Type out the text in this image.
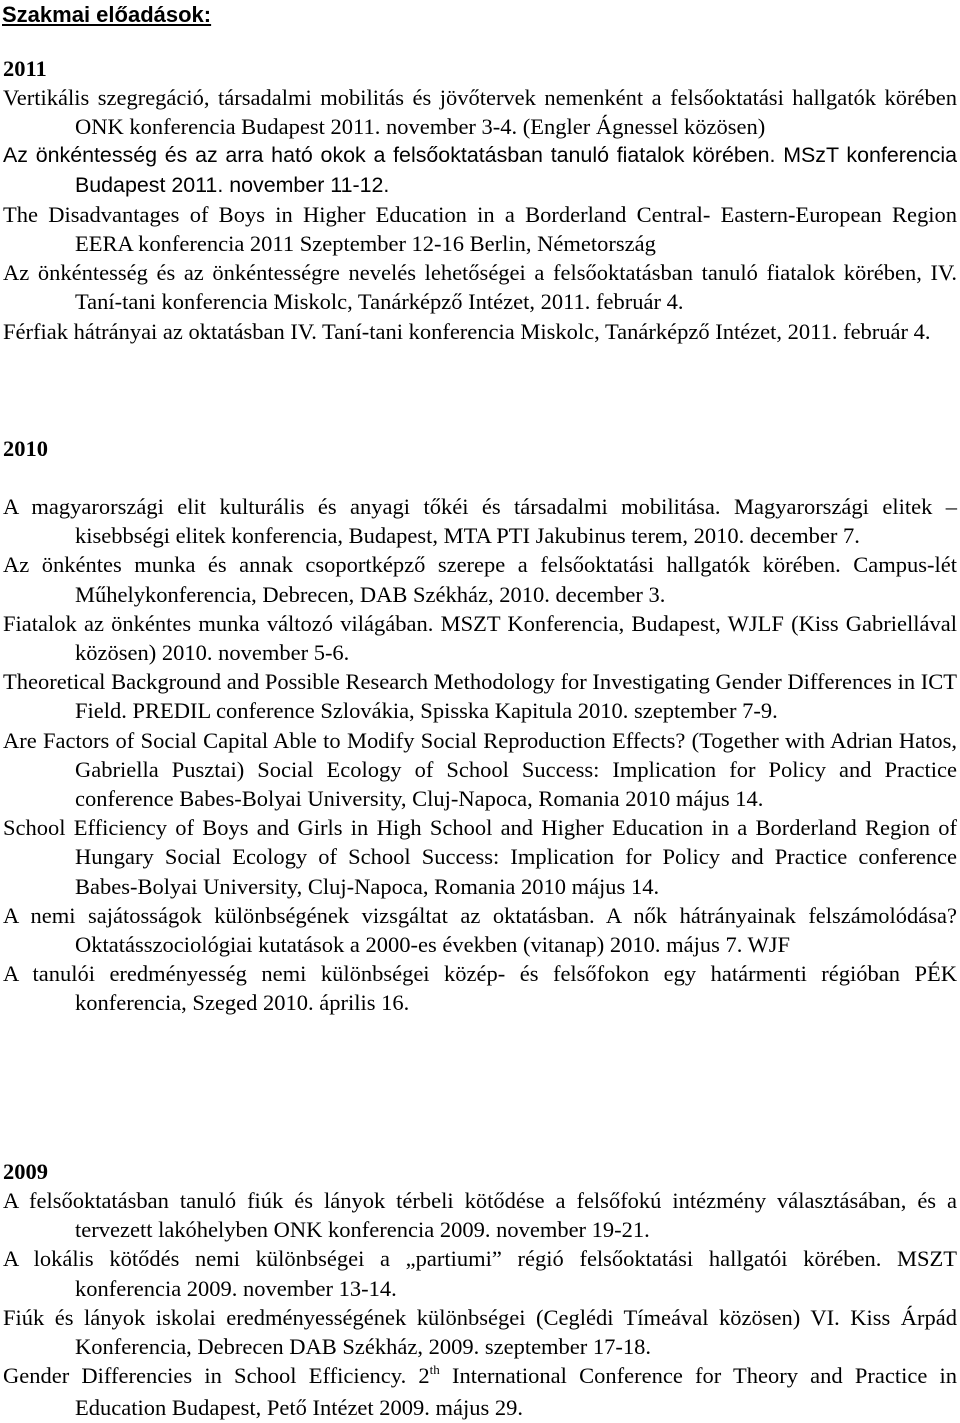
Szakmai előadások:

2011

Vertikális szegregáció, társadalmi mobilitás és jövőtervek nemenként a felsőoktatási hallgatók körében ONK konferencia Budapest 2011. november 3-4. (Engler Ágnessel közösen)

Az önkéntesség és az arra ható okok a felsőoktatásban tanuló fiatalok körében. MSzT konferencia Budapest 2011. november 11-12.

The Disadvantages of Boys in Higher Education in a Borderland Central- Eastern-European Region EERA konferencia 2011 Szeptember 12-16 Berlin, Németország

Az önkéntesség és az önkéntességre nevelés lehetőségei a felsőoktatásban tanuló fiatalok körében, IV. Taní-tani konferencia Miskolc, Tanárképző Intézet, 2011. február 4.

Férfiak hátrányai az oktatásban IV. Taní-tani konferencia Miskolc, Tanárképző Intézet, 2011. február 4.

2010

A magyarországi elit kulturális és anyagi tőkéi és társadalmi mobilitása. Magyarországi elitek – kisebbségi elitek konferencia, Budapest, MTA PTI Jakubinus terem, 2010. december 7.

Az önkéntes munka és annak csoportképző szerepe a felsőoktatási hallgatók körében. Campus-lét Műhelykonferencia, Debrecen, DAB Székház, 2010. december 3.

Fiatalok az önkéntes munka változó világában. MSZT Konferencia, Budapest, WJLF (Kiss Gabriellával közösen) 2010. november 5-6.

Theoretical Background and Possible Research Methodology for Investigating Gender Differences in ICT Field. PREDIL conference Szlovákia, Spisska Kapitula 2010. szeptember 7-9.

Are Factors of Social Capital Able to Modify Social Reproduction Effects? (Together with Adrian Hatos, Gabriella Pusztai) Social Ecology of School Success: Implication for Policy and Practice conference Babes-Bolyai University, Cluj-Napoca, Romania 2010 május 14.

School Efficiency of Boys and Girls in High School and Higher Education in a Borderland Region of Hungary Social Ecology of School Success: Implication for Policy and Practice conference Babes-Bolyai University, Cluj-Napoca, Romania 2010 május 14.

A nemi sajátosságok különbségének vizsgáltat az oktatásban. A nők hátrányainak felszámolódása? Oktatásszociológiai kutatások a 2000-es években (vitanap) 2010. május 7. WJF

A tanulói eredményesség nemi különbségei közép- és felsőfokon egy határmenti régióban PÉK konferencia, Szeged 2010. április 16.

2009

A felsőoktatásban tanuló fiúk és lányok térbeli kötődése a felsőfokú intézmény választásában, és a tervezett lakóhelyben ONK konferencia 2009. november 19-21.

A lokális kötődés nemi különbségei a „partiumi” régió felsőoktatási hallgatói körében. MSZT konferencia 2009. november 13-14.

Fiúk és lányok iskolai eredményességének különbségei (Ceglédi Tímeával közösen) VI. Kiss Árpád Konferencia, Debrecen DAB Székház, 2009. szeptember 17-18.

Gender Differencies in School Efficiency. 2th International Conference for Theory and Practice in Education Budapest, Pető Intézet 2009. május 29.
